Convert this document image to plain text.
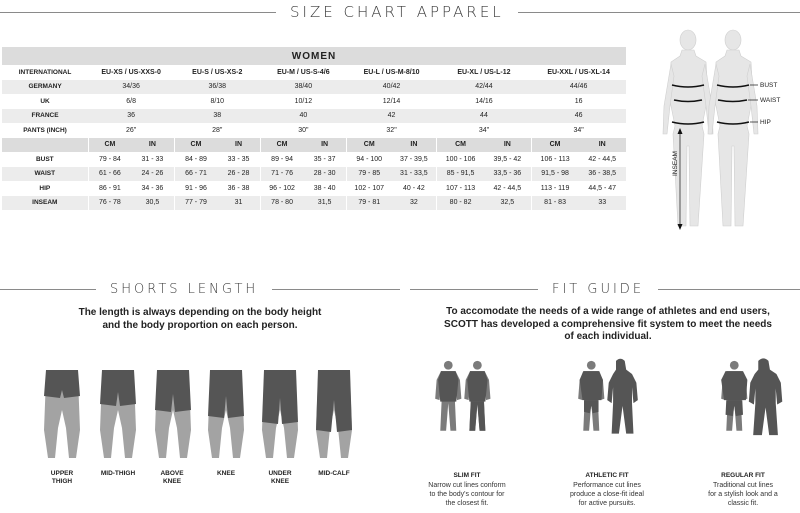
SIZE CHART APPAREL
WOMEN												
INTERNATIONAL	EU-XS / US-XXS-0		EU-S / US-XS-2		EU-M / US-S-4/6		EU-L / US-M-8/10		EU-XL / US-L-12		EU-XXL / US-XL-14	
GERMANY	34/36		36/38		38/40		40/42		42/44		44/46	
UK	6/8		8/10		10/12		12/14		14/16		16	
FRANCE	36		38		40		42		44		46	
PANTS (INCH)	26"		28"		30"		32"		34"		34"	
	CM	IN	CM	IN	CM	IN	CM	IN	CM	IN	CM	IN
BUST	79 - 84	31 - 33	84 - 89	33 - 35	89 - 94	35 - 37	94 - 100	37 - 39,5	100 - 106	39,5 - 42	106 - 113	42 - 44,5
WAIST	61 - 66	24 - 26	66 - 71	26 - 28	71 - 76	28 - 30	79 - 85	31 - 33,5	85 - 91,5	33,5 - 36	91,5 - 98	36 - 38,5
HIP	86 - 91	34 - 36	91 - 96	36 - 38	96 - 102	38 - 40	102 - 107	40 - 42	107 - 113	42 - 44,5	113 - 119	44,5 - 47
INSEAM	76 - 78	30,5	77 - 79	31	78 - 80	31,5	79 - 81	32	80 - 82	32,5	81 - 83	33
BUST
WAIST
HIP
INSEAM
SHORTS LENGTH
The length is always depending on the body height
and the body proportion on each person.
UPPER
THIGH
MID-THIGH	ABOVE
KNEE
KNEE	UNDER
KNEE
MID-CALF
FIT GUIDE
To accomodate the needs of a wide range of athletes and end users,
SCOTT has developed a comprehensive fit system to meet the needs
of each individual.
SLIM FIT
Narrow cut lines conform
to the body's contour for
the closest fit.
ATHLETIC FIT
Performance cut lines
produce a close-fit ideal
for active pursuits.
REGULAR FIT
Traditional cut lines
for a stylish look and a
classic fit.
